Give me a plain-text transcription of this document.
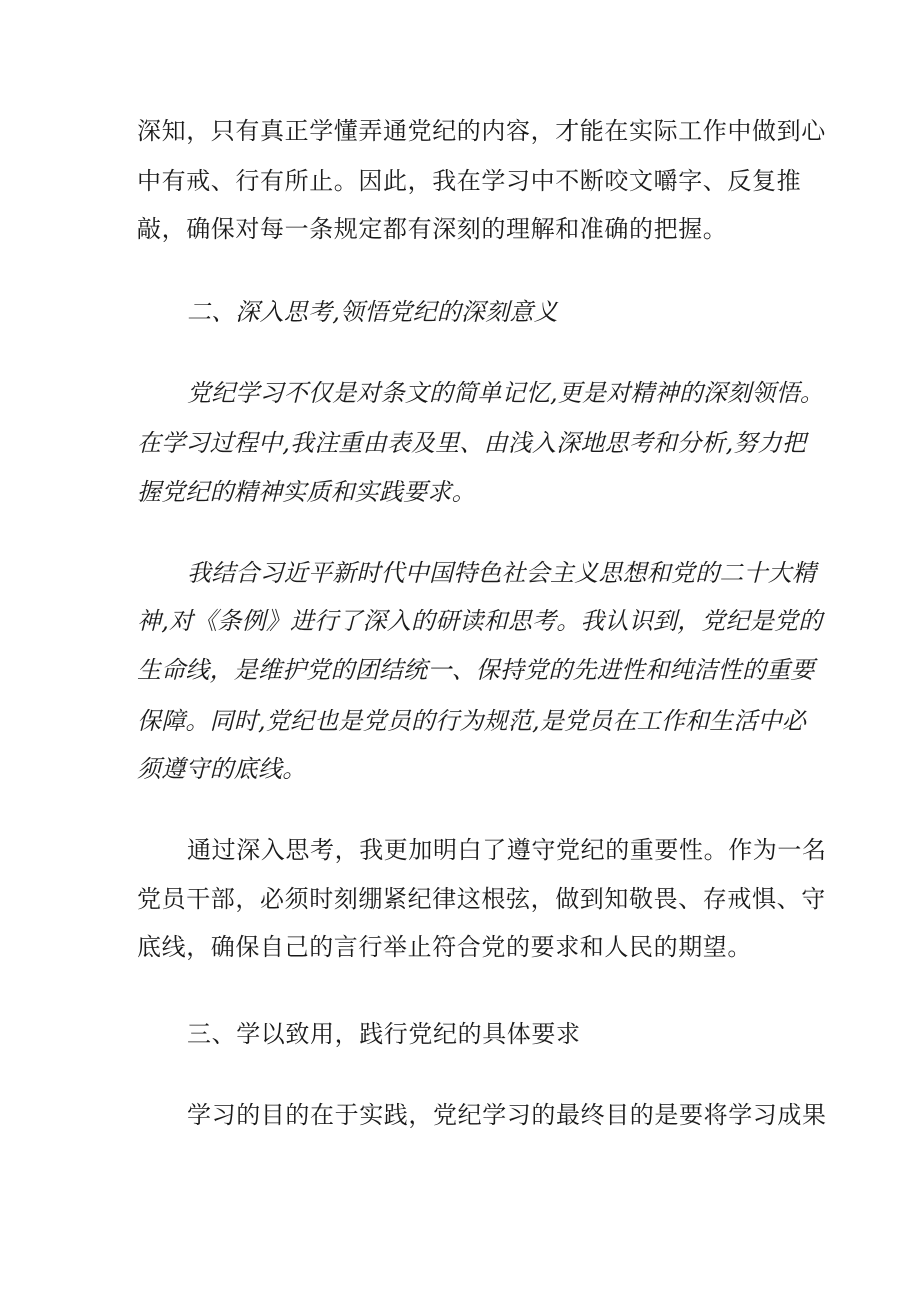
深知，只有真正学懂弄通党纪的内容，才能在实际工作中做到心
中有戒、行有所止。因此，我在学习中不断咬文嚼字、反复推
敲，确保对每一条规定都有深刻的理解和准确的把握。
二、深入思考,领悟党纪的深刻意义
党纪学习不仅是对条文的简单记忆,更是对精神的深刻领悟。
在学习过程中,我注重由表及里、由浅入深地思考和分析,努力把
握党纪的精神实质和实践要求。
我结合习近平新时代中国特色社会主义思想和党的二十大精
神,对《条例》进行了深入的研读和思考。我认识到，党纪是党的
生命线，是维护党的团结统一、保持党的先进性和纯洁性的重要
保障。同时,党纪也是党员的行为规范,是党员在工作和生活中必
须遵守的底线。
通过深入思考，我更加明白了遵守党纪的重要性。作为一名
党员干部，必须时刻绷紧纪律这根弦，做到知敬畏、存戒惧、守
底线，确保自己的言行举止符合党的要求和人民的期望。
三、学以致用，践行党纪的具体要求
学习的目的在于实践，党纪学习的最终目的是要将学习成果
